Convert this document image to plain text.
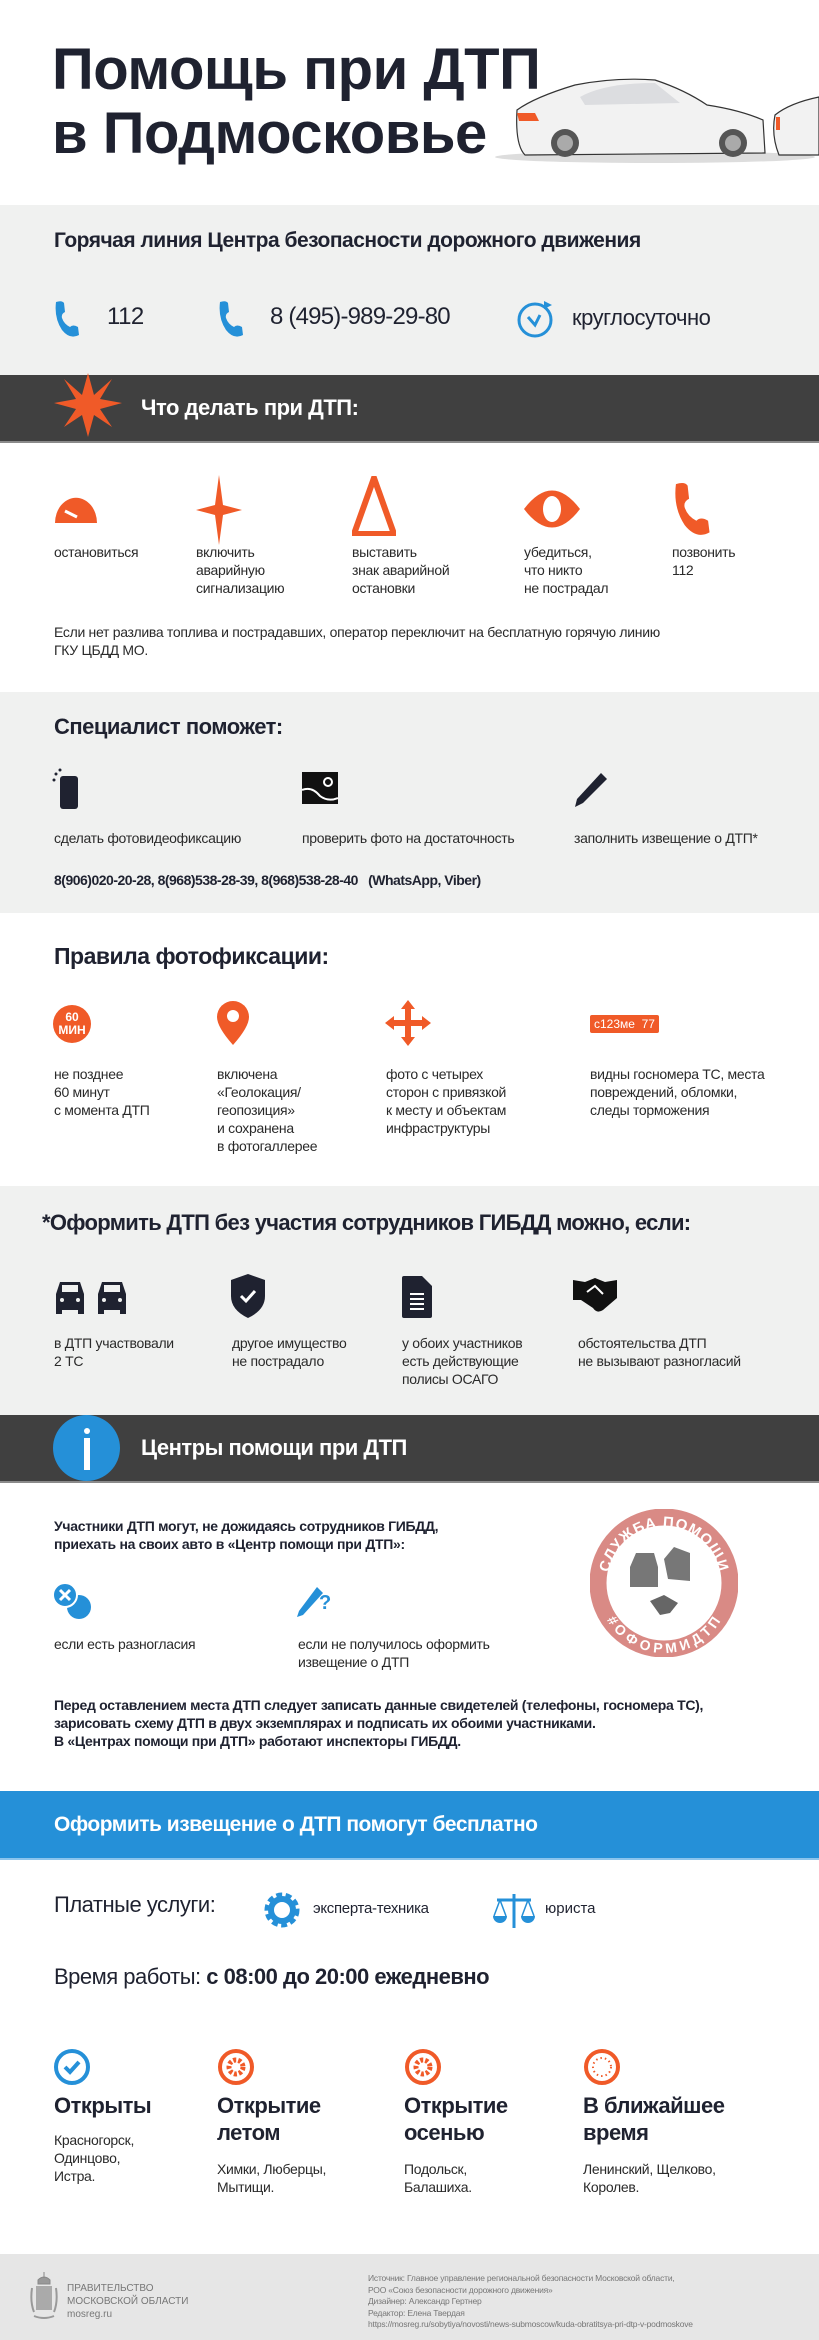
Помощь при ДТП
в Подмосковье
Горячая линия Центра безопасности дорожного движения
112	8 (495)-989-29-80	круглосуточно
Что делать при ДТП:
остановиться	включить
аварийную
сигнализацию
выставить
знак аварийной
остановки
убедиться,
что никто
не пострадал
позвонить
112
Если нет разлива топлива и пострадавших, оператор переключит на бесплатную горячую линию
ГКУ ЦБДД МО.
Специалист поможет:
сделать фотовидеофиксацию	проверить фото на достаточность	заполнить извещение о ДТП*
8(906)020-20-28, 8(968)538-28-39, 8(968)538-28-40 (WhatsApp, Viber)
Правила фотофиксации:
60
МИН	с123ме  77
не позднее
60 минут
с момента ДТП
включена
«Геолокация/
геопозиция»
и сохранена
в фотогаллерее
фото с четырех
сторон с привязкой
к месту и объектам
инфраструктуры
видны госномера ТС, места
повреждений, обломки,
следы торможения
*Оформить ДТП без участия сотрудников ГИБДД можно, если:
в ДТП участвовали
2 ТС
другое имущество
не пострадало
у обоих участников
есть действующие
полисы ОСАГО
обстоятельства ДТП
не вызывают разногласий
Центры помощи при ДТП
Участники ДТП могут, не дожидаясь сотрудников ГИБДД,
приехать на своих авто в «Центр помощи при ДТП»:
?
если есть разногласия	если не получилось оформить
извещение о ДТП
СЛУЖБА ПОМОЩИ
#ОФОРМИДТП
Перед оставлением места ДТП следует записать данные свидетелей (телефоны, госномера ТС),
зарисовать схему ДТП в двух экземплярах и подписать их обоими участниками.
В «Центрах помощи при ДТП» работают инспекторы ГИБДД.
Оформить извещение о ДТП помогут бесплатно
Платные услуги:	эксперта-техника	юриста
Время работы: с 08:00 до 20:00 ежедневно
Открыты
Красногорск,
Одинцово,
Истра.
Открытие
летом
Химки, Люберцы,
Мытищи.
Открытие
осенью
Подольск,
Балашиха.
В ближайшее
время
Ленинский, Щелково,
Королев.
ПРАВИТЕЛЬСТВО
МОСКОВСКОЙ ОБЛАСТИ
mosreg.ru
Источник: Главное управление региональной безопасности Московской области,
РОО «Союз безопасности дорожного движения»
Дизайнер: Александр Гертнер
Редактор: Елена Твердая
https://mosreg.ru/sobytiya/novosti/news-submoscow/kuda-obratitsya-pri-dtp-v-podmoskove
